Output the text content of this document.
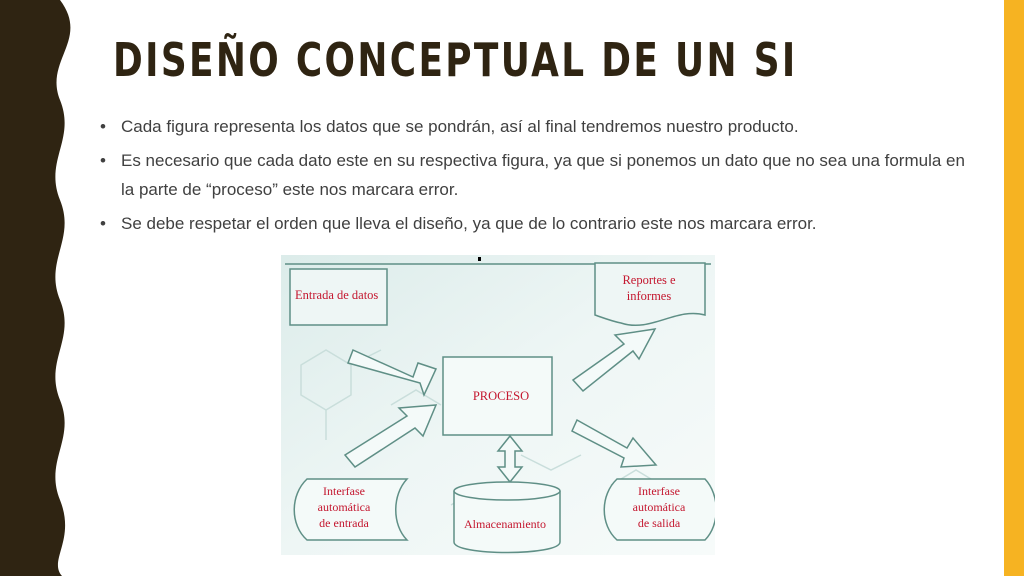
DISEÑO CONCEPTUAL DE UN SI
• Cada figura representa los datos que se pondrán, así al final tendremos nuestro producto.
• Es necesario que cada dato este en su respectiva figura, ya que si ponemos un dato que no sea una formula en la parte de “proceso” este nos marcara error.
• Se debe respetar el orden que lleva el diseño, ya que de lo contrario este nos marcara error.
Entrada de datos
Reportes e
informes
PROCESO
Interfase
automática
de entrada	Almacenamiento
Interfase
automática
de salida
